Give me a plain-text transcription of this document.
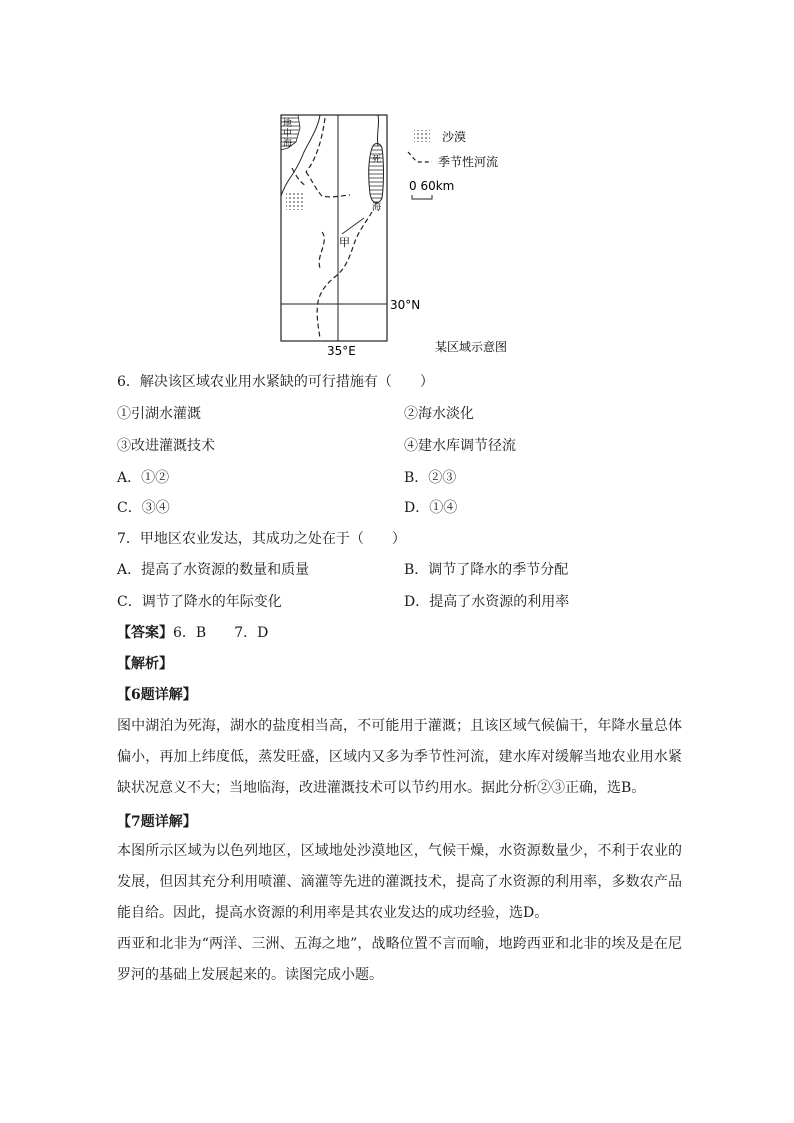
地
中
海
死
海
甲
30°N
35°E
沙漠
季节性河流
0 60km
某区域示意图
6．解决该区域农业用水紧缺的可行措施有（　　）
①引湖水灌溉	②海水淡化
③改进灌溉技术	④建水库调节径流
A．①②	B．②③
C．③④	D．①④
7．甲地区农业发达，其成功之处在于（　　）
A．提高了水资源的数量和质量	B．调节了降水的季节分配
C．调节了降水的年际变化	D．提高了水资源的利用率
【答案】6．B　　7．D
【解析】
【6题详解】
图中湖泊为死海，湖水的盐度相当高，不可能用于灌溉；且该区域气候偏干，年降水量总体偏小，再加上纬度低，蒸发旺盛，区域内又多为季节性河流，建水库对缓解当地农业用水紧缺状况意义不大；当地临海，改进灌溉技术可以节约用水。据此分析②③正确，选B。
【7题详解】
本图所示区域为以色列地区，区域地处沙漠地区，气候干燥，水资源数量少，不利于农业的发展，但因其充分利用喷灌、滴灌等先进的灌溉技术，提高了水资源的利用率，多数农产品能自给。因此，提高水资源的利用率是其农业发达的成功经验，选D。
西亚和北非为“两洋、三洲、五海之地”，战略位置不言而喻，地跨西亚和北非的埃及是在尼罗河的基础上发展起来的。读图完成小题。
